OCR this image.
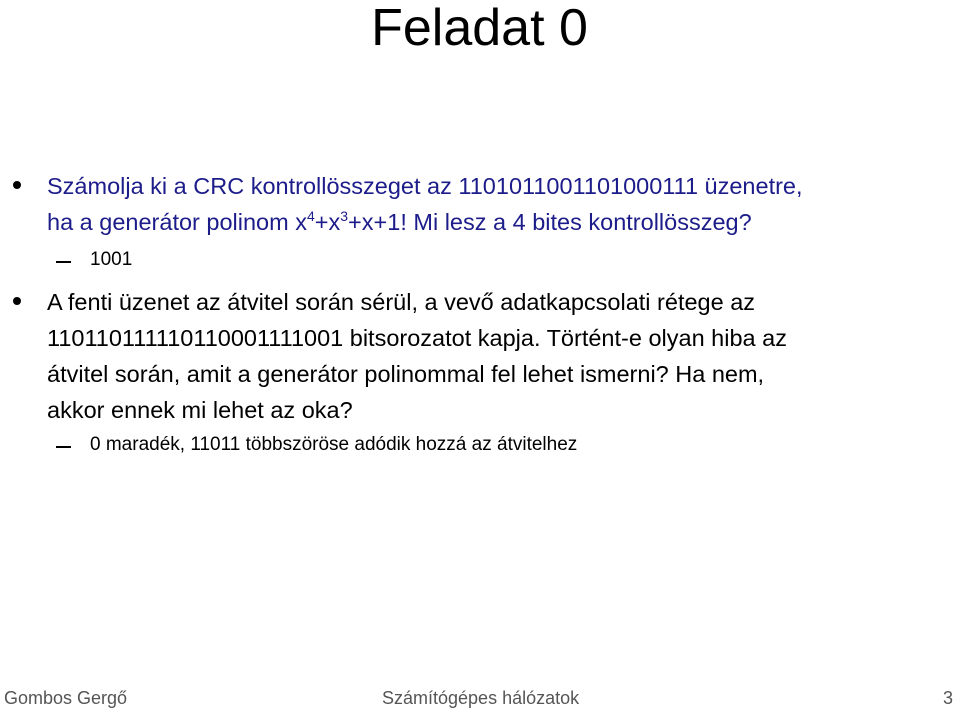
Feladat 0
Számolja ki a CRC kontrollösszeget az 1101011001101000111 üzenetre,
ha a generátor polinom $x^4+x^3+x+1$! Mi lesz a 4 bites kontrollösszeg?
1001
A fenti üzenet az átvitel során sérül, a vevő adatkapcsolati rétege az
11011011111011000111100​1 bitsorozatot kapja. Történt-e olyan hiba az
átvitel során, amit a generátor polinommal fel lehet ismerni? Ha nem,
akkor ennek mi lehet az oka?
0 maradék, 11011 többszöröse adódik hozzá az átvitelhez
Gombos Gergő	Számítógépes hálózatok	3
